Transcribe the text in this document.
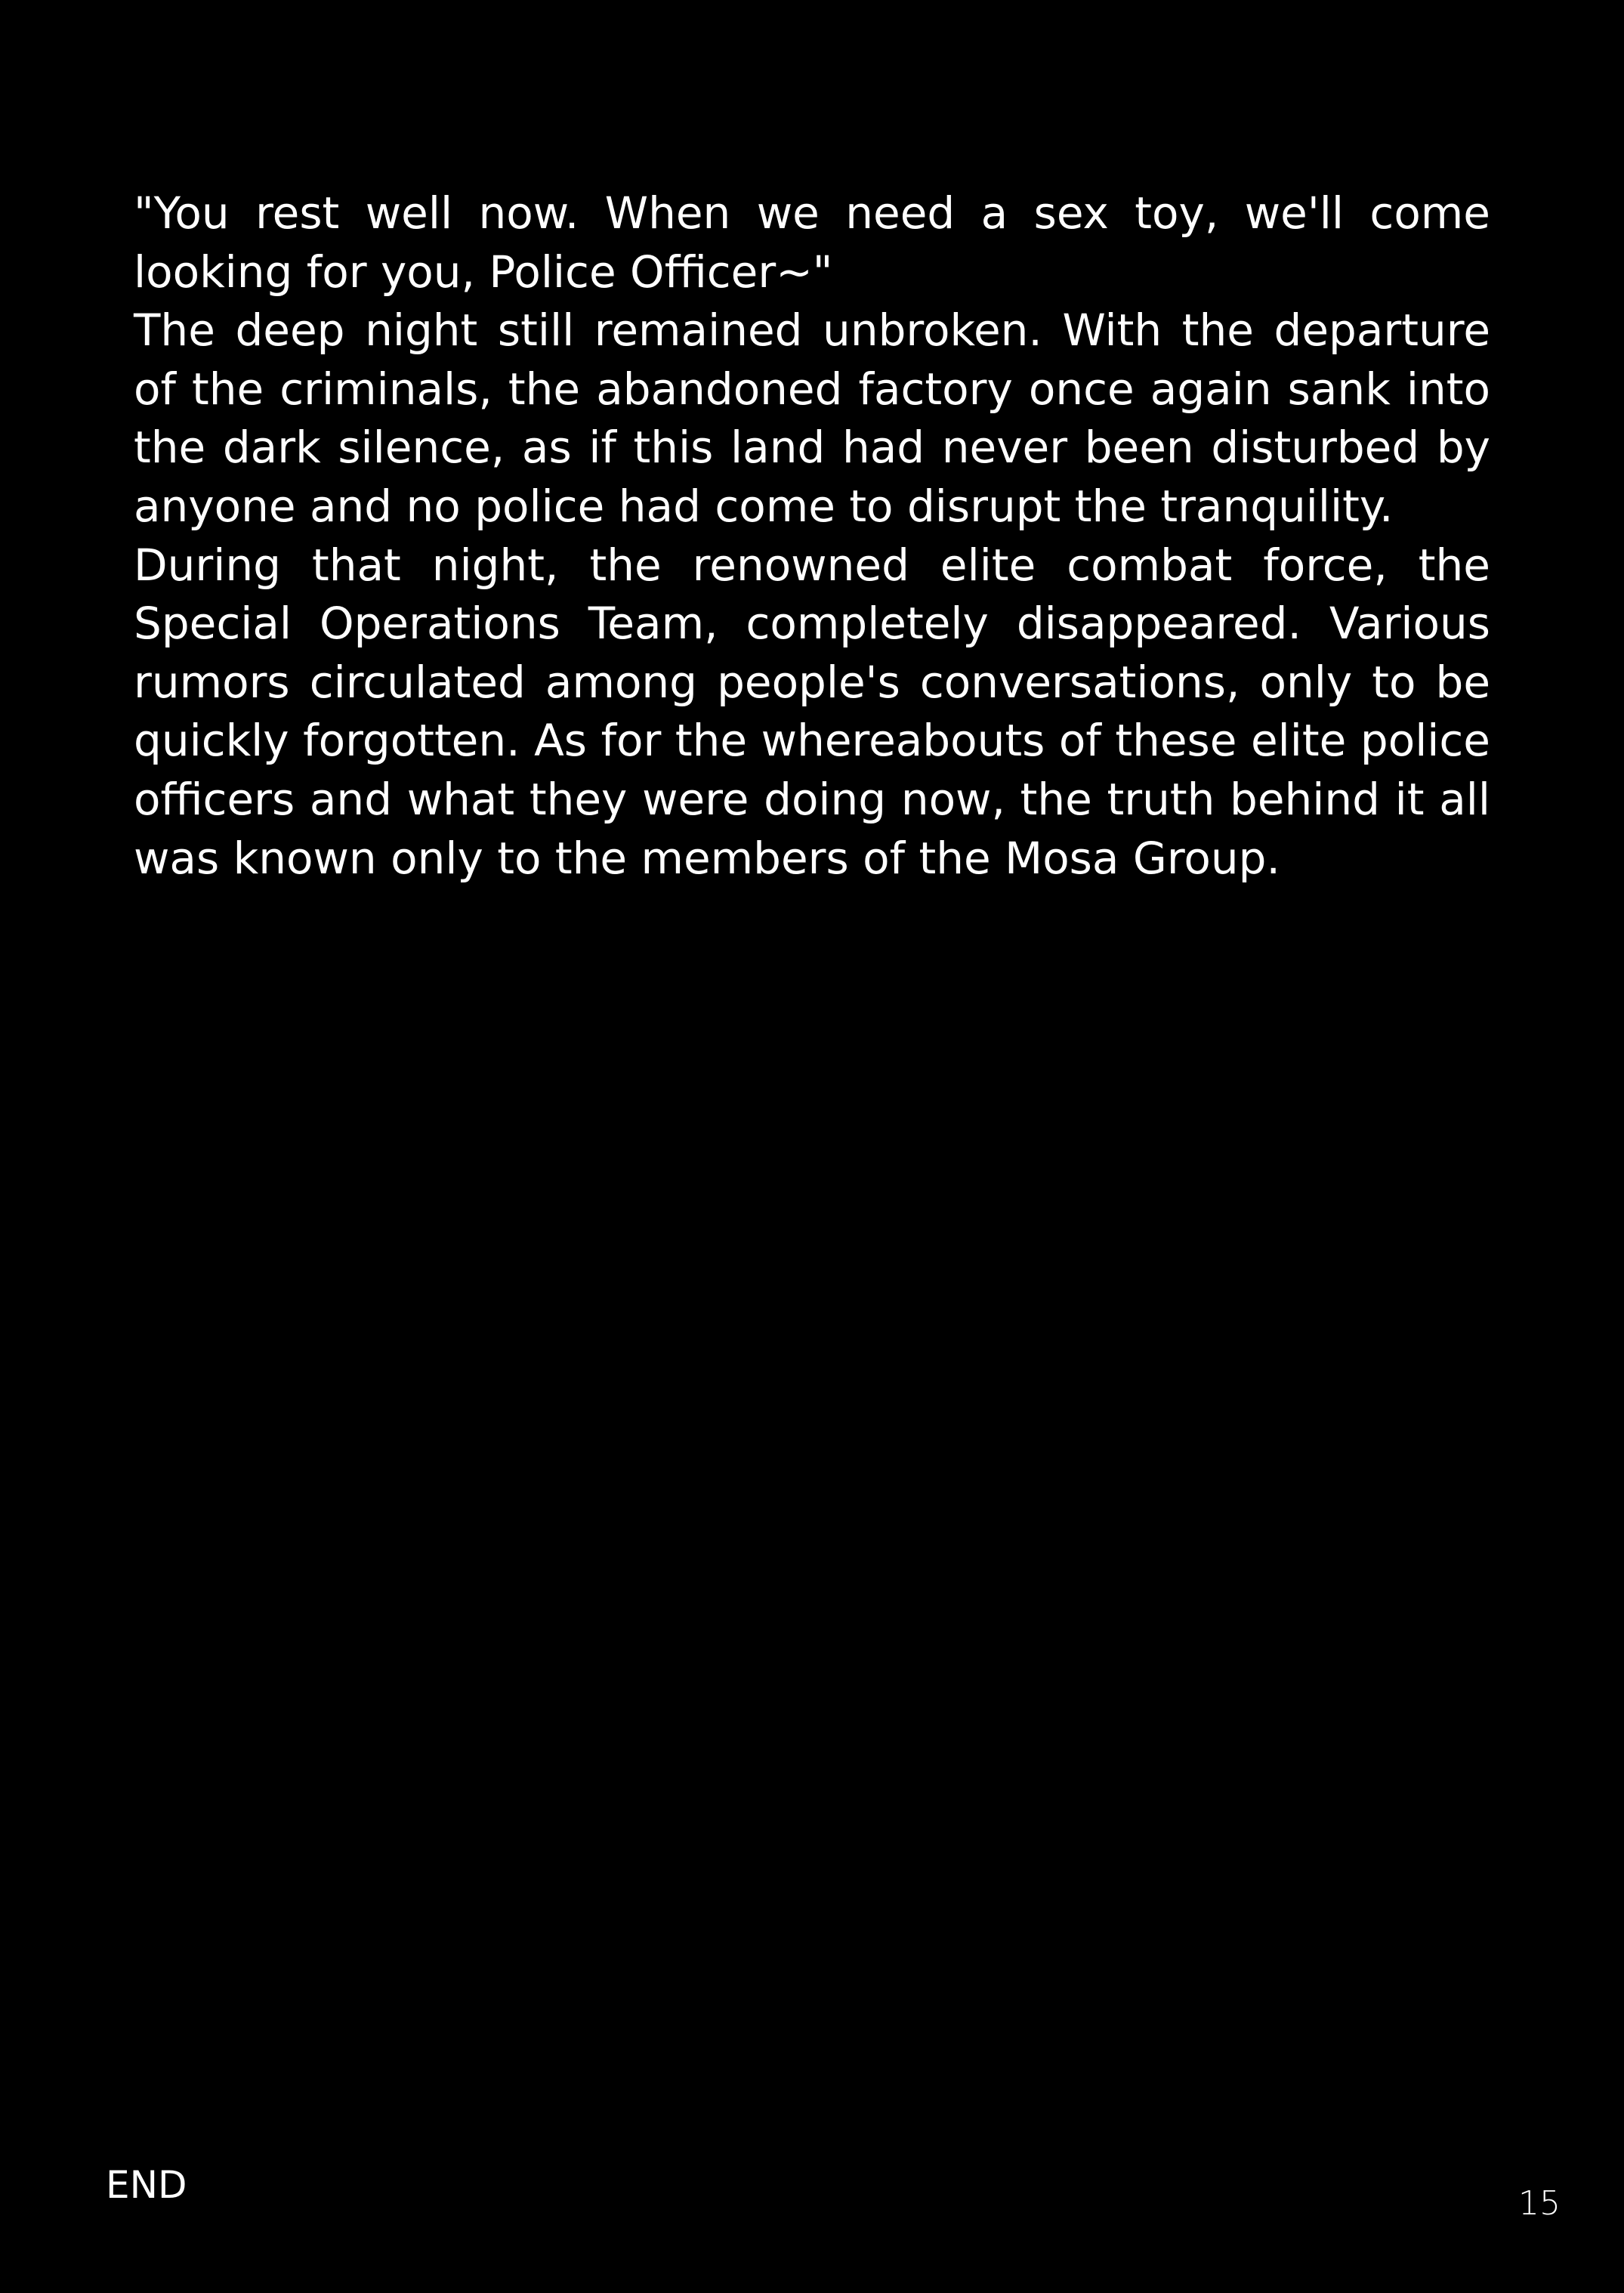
"You rest well now. When we need a sex toy, we'll come looking for you, Police Officer~"

The deep night still remained unbroken. With the departure of the criminals, the abandoned factory once again sank into the dark silence, as if this land had never been disturbed by anyone and no police had come to disrupt the tranquility.

During that night, the renowned elite combat force, the Special Operations Team, completely disappeared. Various rumors circulated among people's conversations, only to be quickly forgotten. As for the whereabouts of these elite police officers and what they were doing now, the truth behind it all was known only to the members of the Mosa Group.

END	15
